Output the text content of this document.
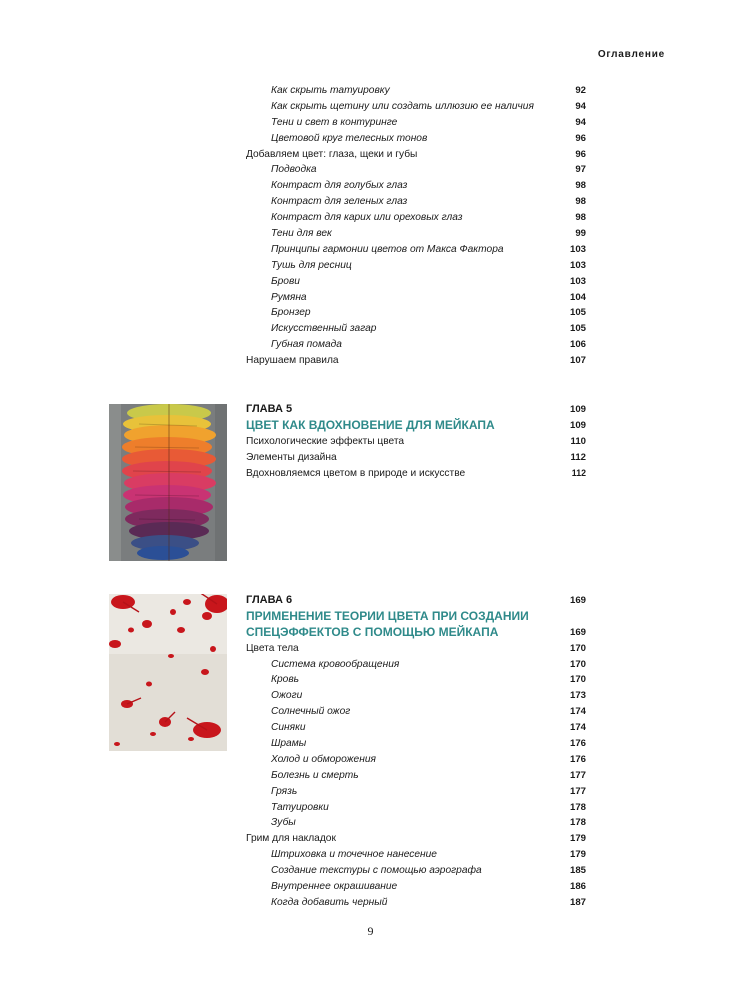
Оглавление
Как скрыть татуировку	92
Как скрыть щетину или создать иллюзию ее наличия	94
Тени и свет в контуринге	94
Цветовой круг телесных тонов	96
Добавляем цвет: глаза, щеки и губы	96
Подводка	97
Контраст для голубых глаз	98
Контраст для зеленых глаз	98
Контраст для карих или ореховых глаз	98
Тени для век	99
Принципы гармонии цветов от Макса Фактора	103
Тушь для ресниц	103
Брови	103
Румяна	104
Бронзер	105
Искусственный загар	105
Губная помада	106
Нарушаем правила	107
ГЛАВА 5	109
ЦВЕТ КАК ВДОХНОВЕНИЕ ДЛЯ МЕЙКАПА	109
Психологические эффекты цвета	110
Элементы дизайна	112
Вдохновляемся цветом в природе и искусстве	112
ГЛАВА 6	169
ПРИМЕНЕНИЕ ТЕОРИИ ЦВЕТА ПРИ СОЗДАНИИ
СПЕЦЭФФЕКТОВ С ПОМОЩЬЮ МЕЙКАПА	169
Цвета тела	170
Система кровообращения	170
Кровь	170
Ожоги	173
Солнечный ожог	174
Синяки	174
Шрамы	176
Холод и обморожения	176
Болезнь и смерть	177
Грязь	177
Татуировки	178
Зубы	178
Грим для накладок	179
Штриховка и точечное нанесение	179
Создание текстуры с помощью аэрографа	185
Внутреннее окрашивание	186
Когда добавить черный	187
9
